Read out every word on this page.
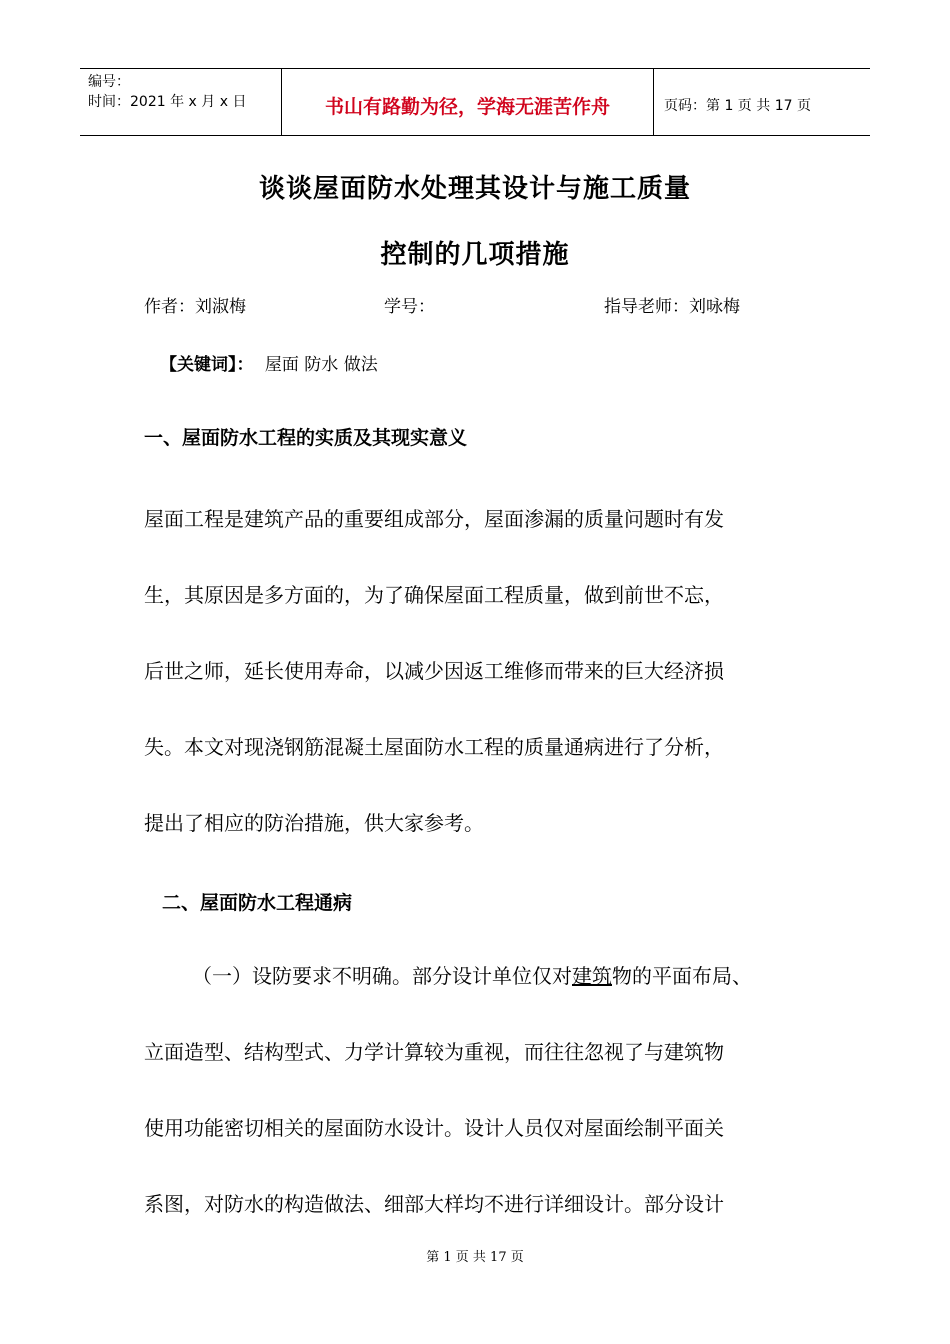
编号：
时间：2021 年 x 月 x 日	书山有路勤为径，学海无涯苦作舟	页码：第 1 页 共 17 页
谈谈屋面防水处理其设计与施工质量
控制的几项措施
作者：刘淑梅	学号：	指导老师：刘咏梅
【关键词】： 屋面 防水 做法
一、屋面防水工程的实质及其现实意义
屋面工程是建筑产品的重要组成部分，屋面渗漏的质量问题时有发
生，其原因是多方面的，为了确保屋面工程质量，做到前世不忘，
后世之师，延长使用寿命，以减少因返工维修而带来的巨大经济损
失。本文对现浇钢筋混凝土屋面防水工程的质量通病进行了分析，
提出了相应的防治措施，供大家参考。
二、屋面防水工程通病
（一）设防要求不明确。部分设计单位仅对建筑物的平面布局、
立面造型、结构型式、力学计算较为重视，而往往忽视了与建筑物
使用功能密切相关的屋面防水设计。设计人员仅对屋面绘制平面关
系图，对防水的构造做法、细部大样均不进行详细设计。部分设计
第 1 页 共 17 页
